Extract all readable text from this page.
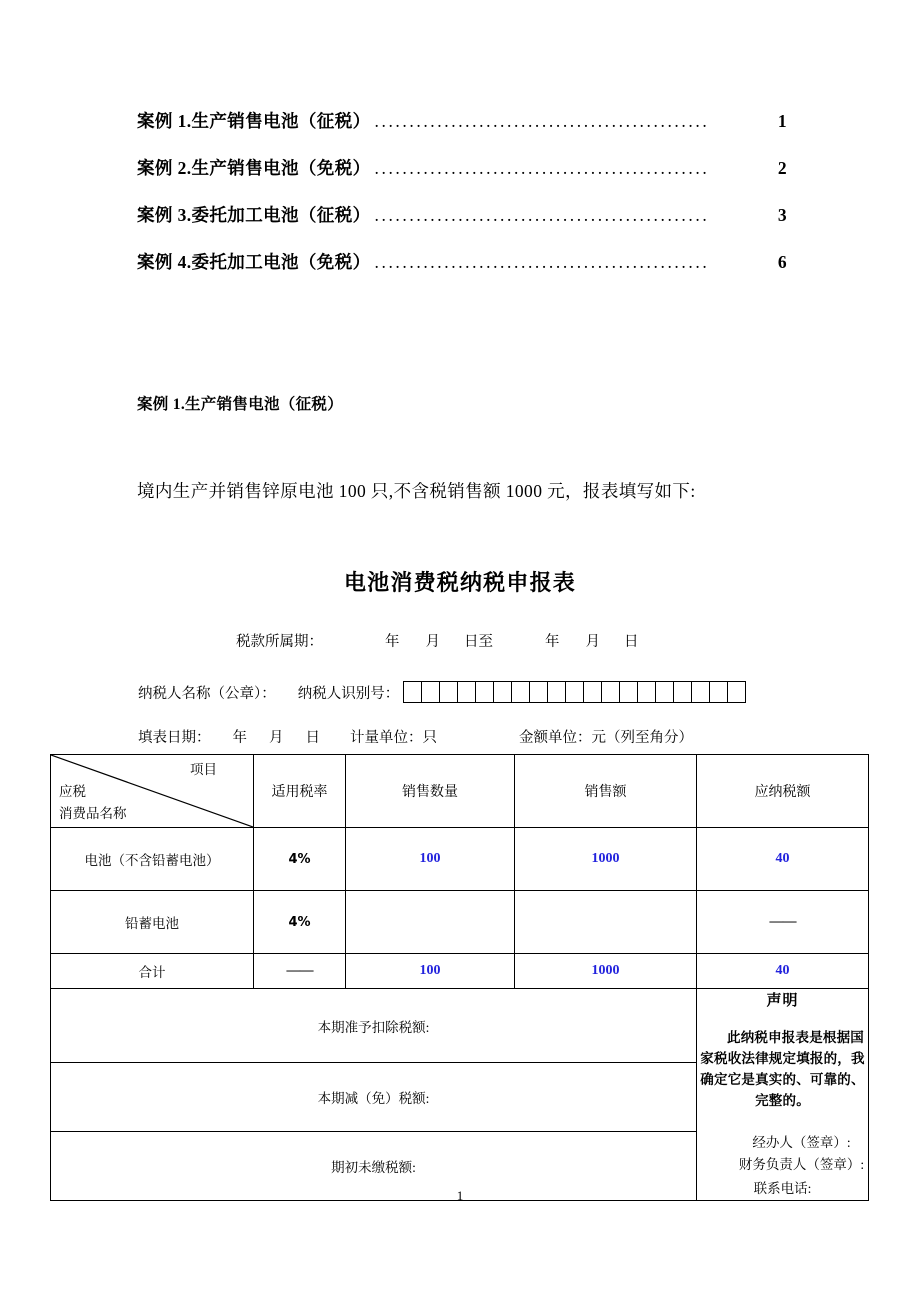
案例 1.生产销售电池（征税） ................................................	1
案例 2.生产销售电池（免税） ................................................	2
案例 3.委托加工电池（征税） ................................................	3
案例 4.委托加工电池（免税） ................................................	6
案例 1.生产销售电池（征税）
境内生产并销售锌原电池 100 只,不含税销售额 1000 元，报表填写如下:
电池消费税纳税申报表
税款所属期：	年 月 日至	年 月 日
纳税人名称（公章）： 纳税人识别号：
填表日期： 年 月 日 计量单位：只	金额单位：元（列至角分）
项目
应税
消费品名称	适用税率	销售数量	销售额	应纳税额
电池（不含铅蓄电池）	4%	100	1000	40
铅蓄电池	4%			——
合计	——	100	1000	40
本期准予扣除税额:				声明
此纳税申报表是根据国家税收法律规定填报的，我确定它是真实的、可靠的、完整的。
经办人（签章）:
财务负责人（签章）:
联系电话:

本期减（免）税额:				
期初未缴税额:				
1
